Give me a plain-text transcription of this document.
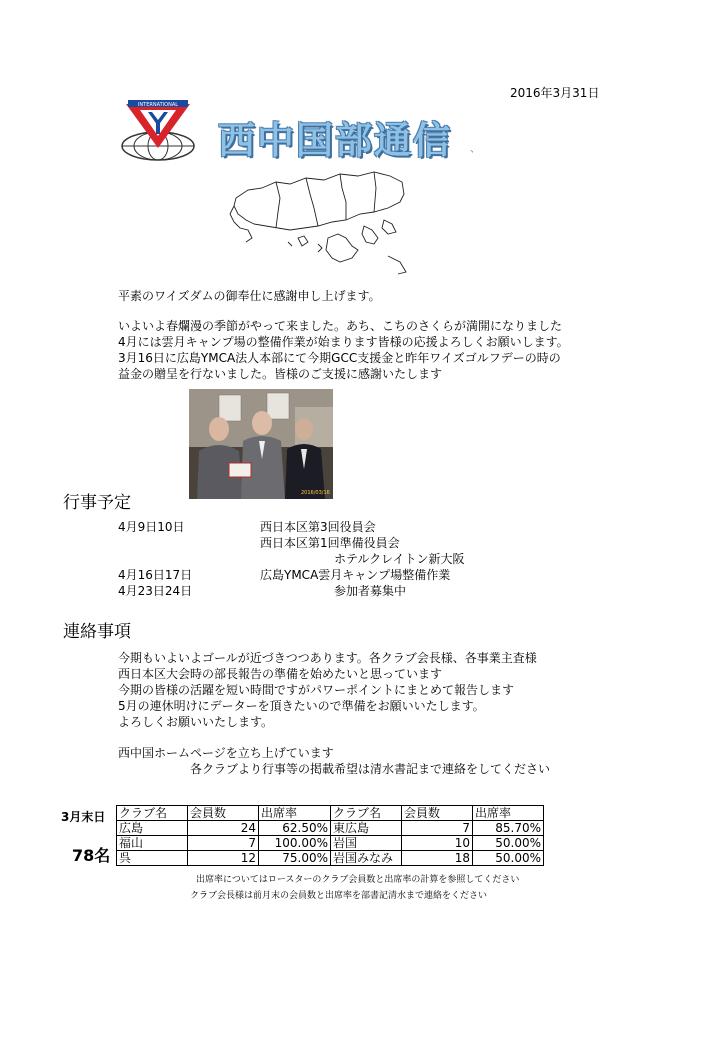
2016年3月31日
INTERNATIONAL
西中国部通信 、
平素のワイズダムの御奉仕に感謝申し上げます。
いよいよ春爛漫の季節がやって来ました。あち、こちのさくらが満開になりました
4月には雲月キャンプ場の整備作業が始まります皆様の応援よろしくお願いします。
3月16日に広島YMCA法人本部にて今期GCC支援金と昨年ワイズゴルフデーの時の
益金の贈呈を行ないました。皆様のご支援に感謝いたします
2016/03/16
行事予定
4月9日10日	西日本区第3回役員会
西日本区第1回準備役員会
ホテルクレイトン新大阪
4月16日17日	広島YMCA雲月キャンプ場整備作業
4月23日24日	参加者募集中
連絡事項
今期もいよいよゴールが近づきつつあります。各クラブ会長様、各事業主査様
西日本区大会時の部長報告の準備を始めたいと思っています
今期の皆様の活躍を短い時間ですがパワーポイントにまとめて報告します
5月の連休明けにデーターを頂きたいので準備をお願いいたします。
よろしくお願いいたします。
西中国ホームページを立ち上げています
各クラブより行事等の掲載希望は清水書記まで連絡をしてください
3月末日
78名
クラブ名	会員数	出席率	クラブ名	会員数	出席率
広島	24	62.50%	東広島	7	85.70%
福山	7	100.00%	岩国	10	50.00%
呉	12	75.00%	岩国みなみ	18	50.00%
出席率についてはロースターのクラブ会員数と出席率の計算を参照してください
クラブ会長様は前月末の会員数と出席率を部書記清水まで連絡をください
